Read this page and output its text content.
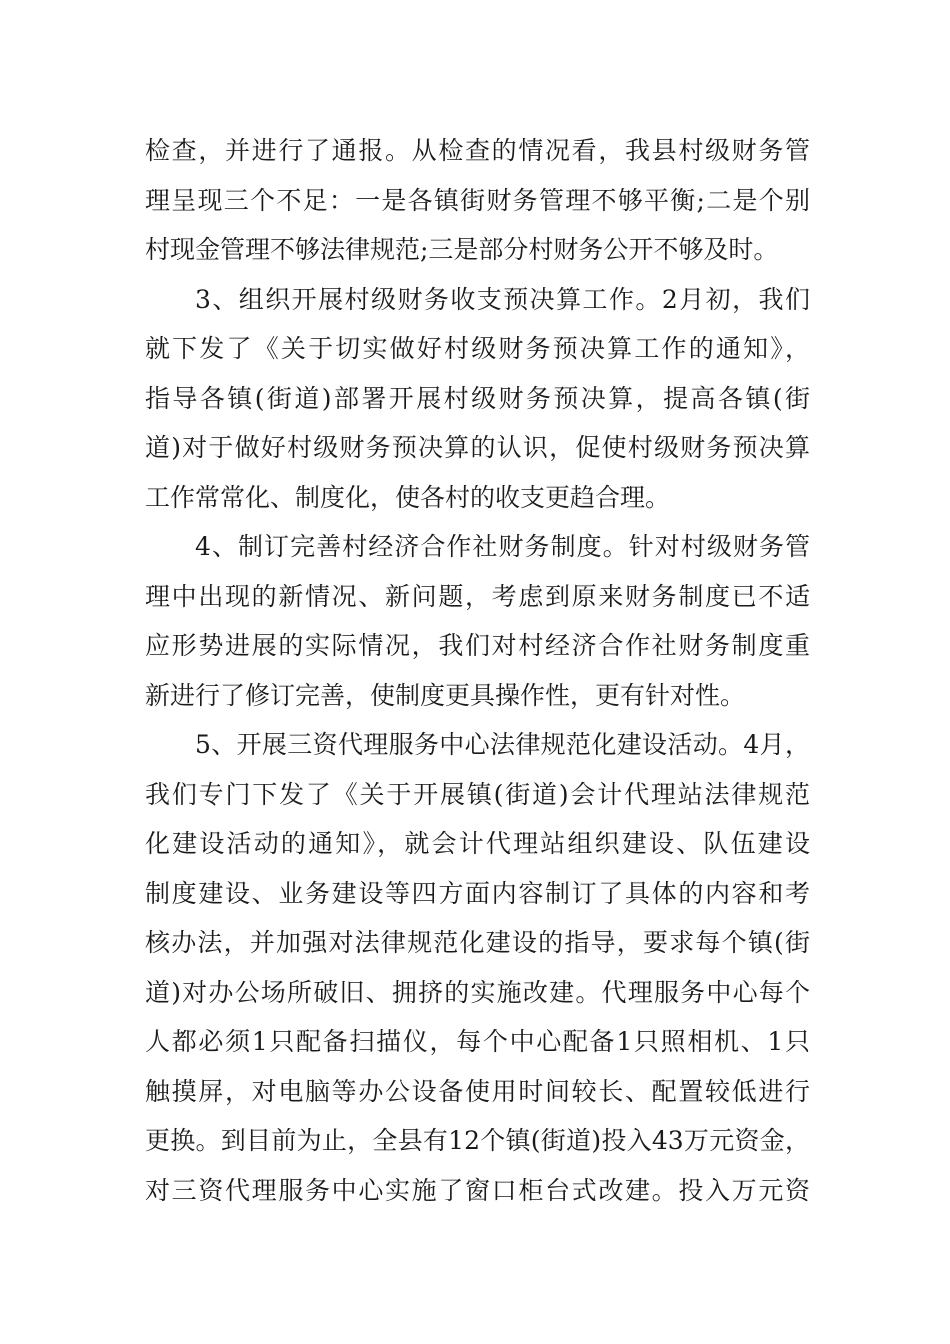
检查，并进行了通报。从检查的情况看，我县村级财务管
理呈现三个不足：一是各镇街财务管理不够平衡;二是个别
村现金管理不够法律规范;三是部分村财务公开不够及时。
3、组织开展村级财务收支预决算工作。2月初，我们
就下发了《关于切实做好村级财务预决算工作的通知》，
指导各镇(街道)部署开展村级财务预决算，提高各镇(街
道)对于做好村级财务预决算的认识，促使村级财务预决算
工作常常化、制度化，使各村的收支更趋合理。
4、制订完善村经济合作社财务制度。针对村级财务管
理中出现的新情况、新问题，考虑到原来财务制度已不适
应形势进展的实际情况，我们对村经济合作社财务制度重
新进行了修订完善，使制度更具操作性，更有针对性。
5、开展三资代理服务中心法律规范化建设活动。4月，
我们专门下发了《关于开展镇(街道)会计代理站法律规范
化建设活动的通知》，就会计代理站组织建设、队伍建设
制度建设、业务建设等四方面内容制订了具体的内容和考
核办法，并加强对法律规范化建设的指导，要求每个镇(街
道)对办公场所破旧、拥挤的实施改建。代理服务中心每个
人都必须1只配备扫描仪，每个中心配备1只照相机、1只
触摸屏，对电脑等办公设备使用时间较长、配置较低进行
更换。到目前为止，全县有12个镇(街道)投入43万元资金，
对三资代理服务中心实施了窗口柜台式改建。投入万元资
